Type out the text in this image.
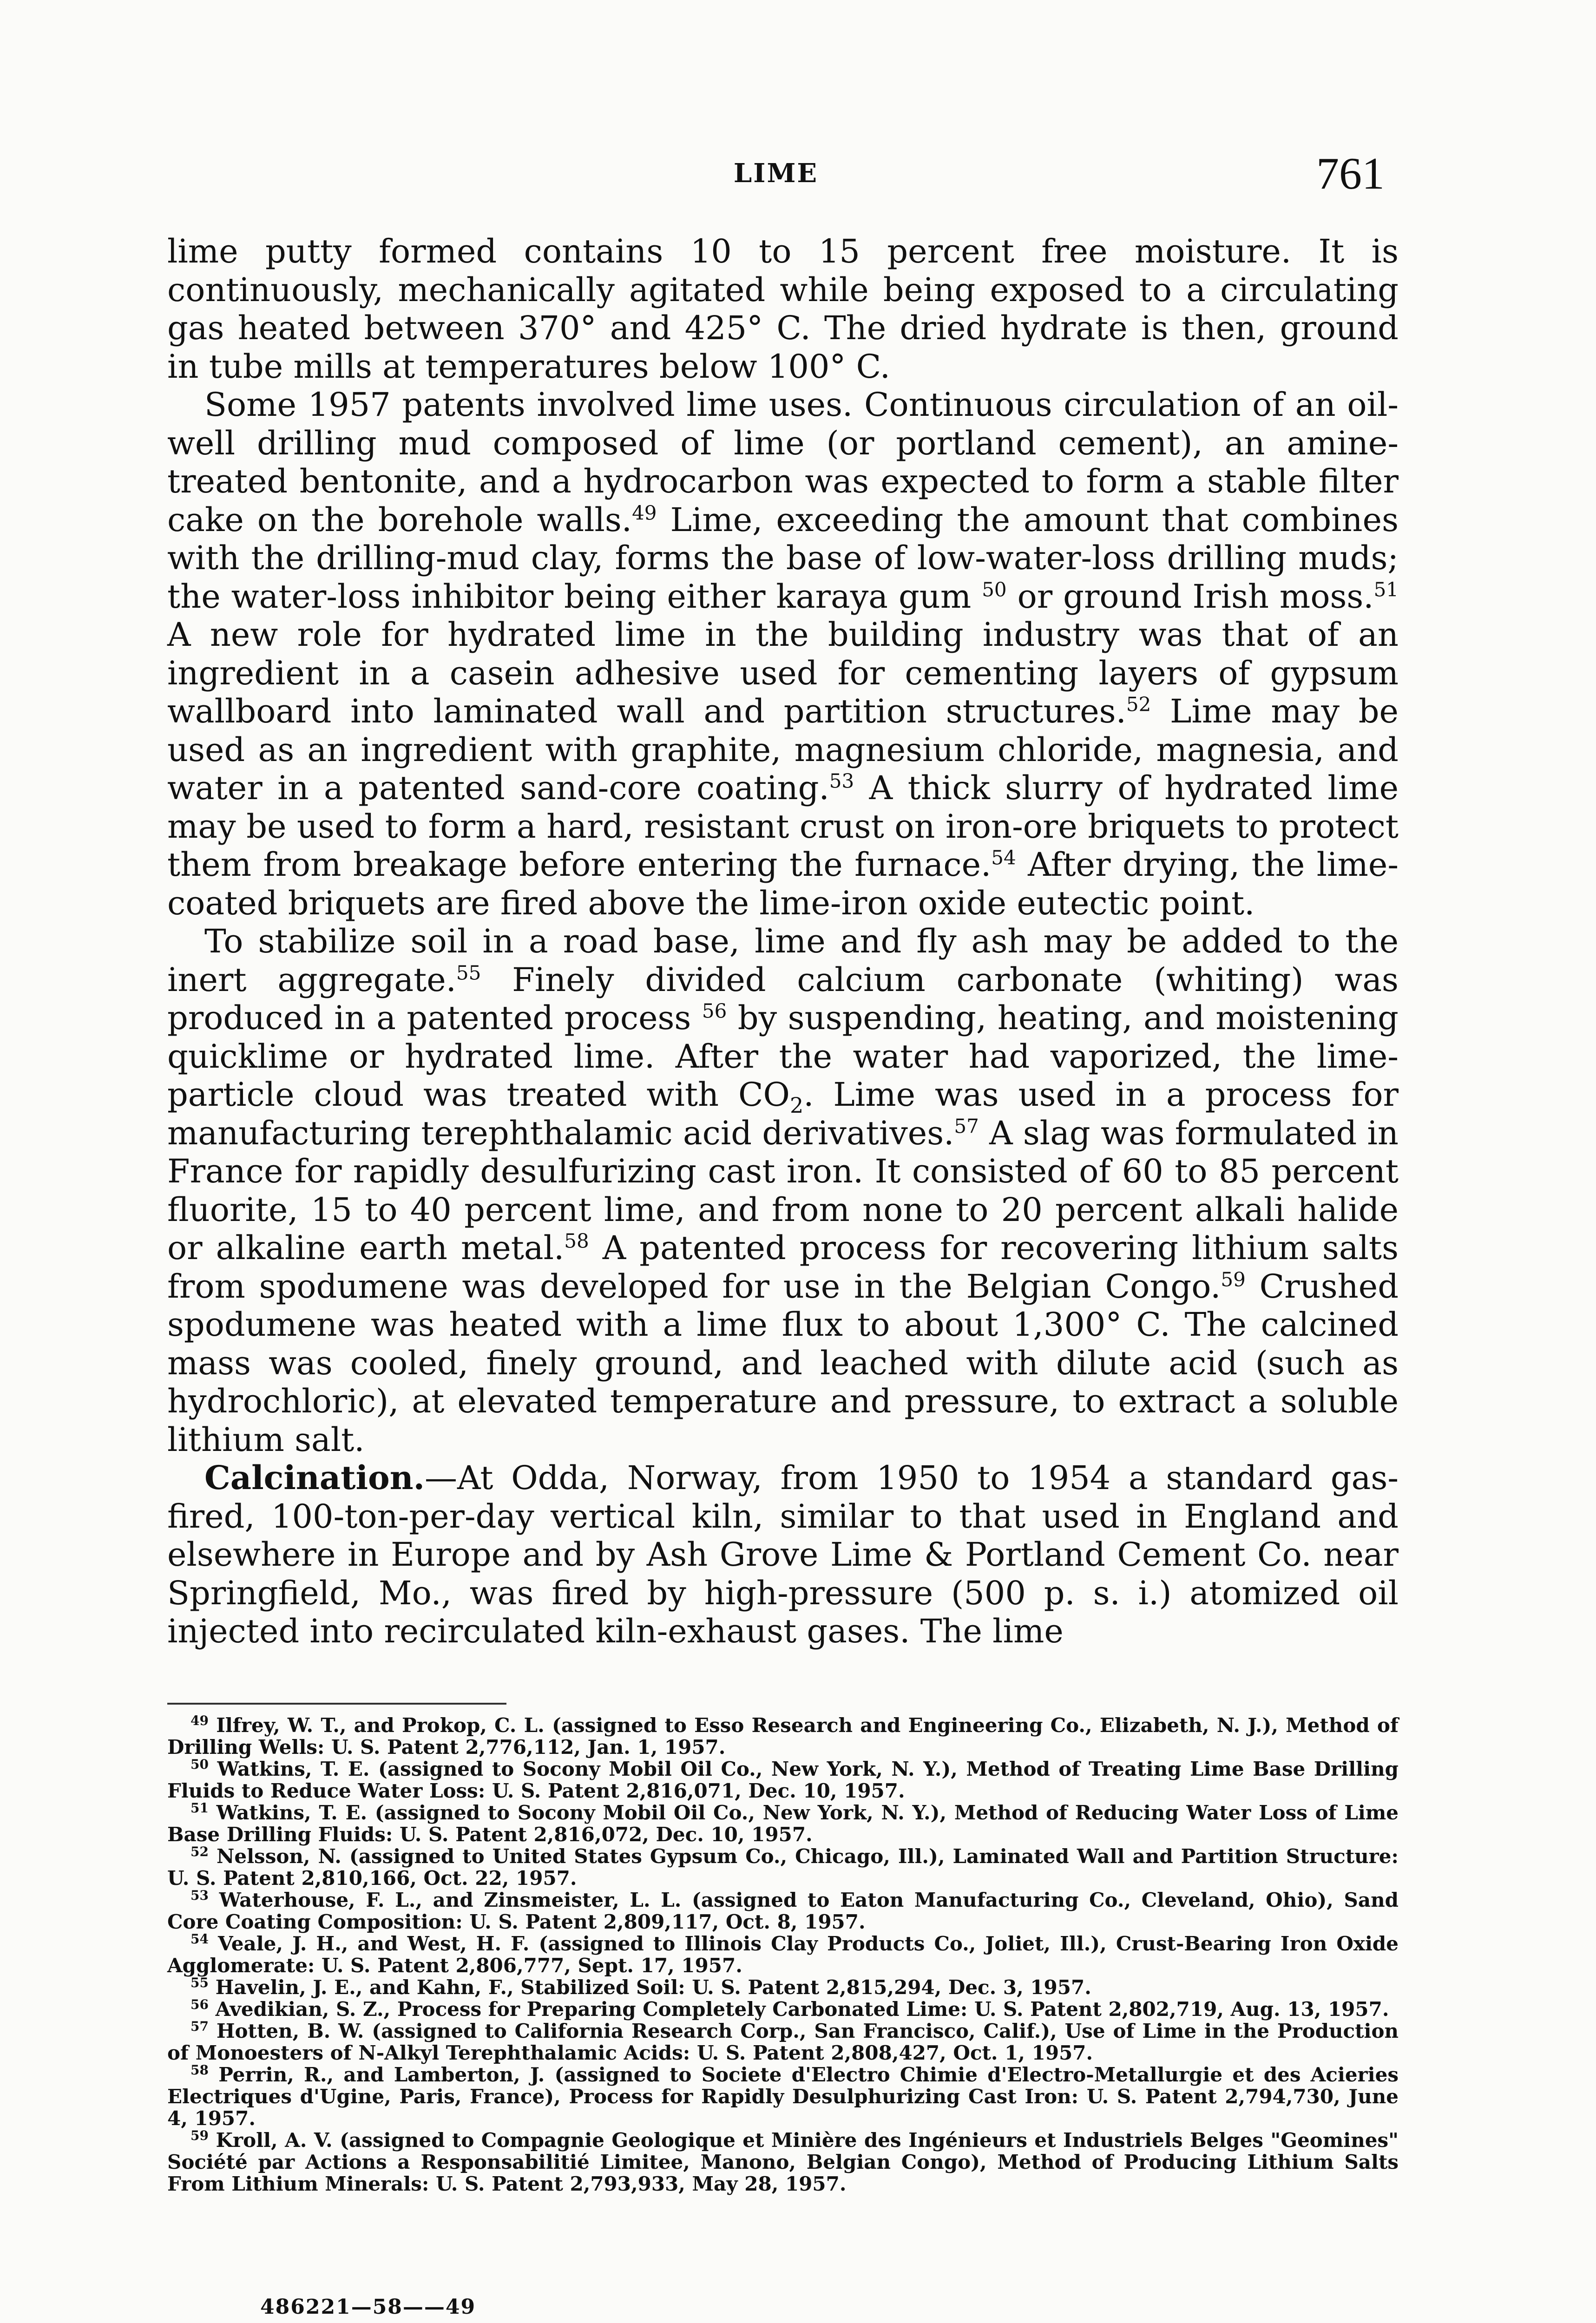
LIME	761

lime putty formed contains 10 to 15 percent free moisture. It is continuously, mechanically agitated while being exposed to a circulating gas heated between 370° and 425° C. The dried hydrate is then, ground in tube mills at temperatures below 100° C.

Some 1957 patents involved lime uses. Continuous circulation of an oil-well drilling mud composed of lime (or portland cement), an amine-treated bentonite, and a hydrocarbon was expected to form a stable filter cake on the borehole walls.$^{49}$ Lime, exceeding the amount that combines with the drilling-mud clay, forms the base of low-water-loss drilling muds; the water-loss inhibitor being either karaya gum $^{50}$ or ground Irish moss.$^{51}$ A new role for hydrated lime in the building industry was that of an ingredient in a casein adhesive used for cementing layers of gypsum wallboard into laminated wall and partition structures.$^{52}$ Lime may be used as an ingredient with graphite, magnesium chloride, magnesia, and water in a patented sand-core coating.$^{53}$ A thick slurry of hydrated lime may be used to form a hard, resistant crust on iron-ore briquets to protect them from breakage before entering the furnace.$^{54}$ After drying, the lime-coated briquets are fired above the lime-iron oxide eutectic point.

To stabilize soil in a road base, lime and fly ash may be added to the inert aggregate.$^{55}$ Finely divided calcium carbonate (whiting) was produced in a patented process $^{56}$ by suspending, heating, and moistening quicklime or hydrated lime. After the water had vaporized, the lime-particle cloud was treated with $CO_2$. Lime was used in a process for manufacturing terephthalamic acid derivatives.$^{57}$ A slag was formulated in France for rapidly desulfurizing cast iron. It consisted of 60 to 85 percent fluorite, 15 to 40 percent lime, and from none to 20 percent alkali halide or alkaline earth metal.$^{58}$ A patented process for recovering lithium salts from spodumene was developed for use in the Belgian Congo.$^{59}$ Crushed spodumene was heated with a lime flux to about 1,300° C. The calcined mass was cooled, finely ground, and leached with dilute acid (such as hydrochloric), at elevated temperature and pressure, to extract a soluble lithium salt.

Calcination.—At Odda, Norway, from 1950 to 1954 a standard gas-fired, 100-ton-per-day vertical kiln, similar to that used in England and elsewhere in Europe and by Ash Grove Lime & Portland Cement Co. near Springfield, Mo., was fired by high-pressure (500 p. s. i.) atomized oil injected into recirculated kiln-exhaust gases. The lime

$^{49}$ Ilfrey, W. T., and Prokop, C. L. (assigned to Esso Research and Engineering Co., Elizabeth, N. J.), Method of Drilling Wells: U. S. Patent 2,776,112, Jan. 1, 1957.

$^{50}$ Watkins, T. E. (assigned to Socony Mobil Oil Co., New York, N. Y.), Method of Treating Lime Base Drilling Fluids to Reduce Water Loss: U. S. Patent 2,816,071, Dec. 10, 1957.

$^{51}$ Watkins, T. E. (assigned to Socony Mobil Oil Co., New York, N. Y.), Method of Reducing Water Loss of Lime Base Drilling Fluids: U. S. Patent 2,816,072, Dec. 10, 1957.

$^{52}$ Nelsson, N. (assigned to United States Gypsum Co., Chicago, Ill.), Laminated Wall and Partition Structure: U. S. Patent 2,810,166, Oct. 22, 1957.

$^{53}$ Waterhouse, F. L., and Zinsmeister, L. L. (assigned to Eaton Manufacturing Co., Cleveland, Ohio), Sand Core Coating Composition: U. S. Patent 2,809,117, Oct. 8, 1957.

$^{54}$ Veale, J. H., and West, H. F. (assigned to Illinois Clay Products Co., Joliet, Ill.), Crust-Bearing Iron Oxide Agglomerate: U. S. Patent 2,806,777, Sept. 17, 1957.

$^{55}$ Havelin, J. E., and Kahn, F., Stabilized Soil: U. S. Patent 2,815,294, Dec. 3, 1957.

$^{56}$ Avedikian, S. Z., Process for Preparing Completely Carbonated Lime: U. S. Patent 2,802,719, Aug. 13, 1957.

$^{57}$ Hotten, B. W. (assigned to California Research Corp., San Francisco, Calif.), Use of Lime in the Production of Monoesters of N-Alkyl Terephthalamic Acids: U. S. Patent 2,808,427, Oct. 1, 1957.

$^{58}$ Perrin, R., and Lamberton, J. (assigned to Societe d'Electro Chimie d'Electro-Metallurgie et des Acieries Electriques d'Ugine, Paris, France), Process for Rapidly Desulphurizing Cast Iron: U. S. Patent 2,794,730, June 4, 1957.

$^{59}$ Kroll, A. V. (assigned to Compagnie Geologique et Minière des Ingénieurs et Industriels Belges "Geomines" Société par Actions a Responsabilitié Limitee, Manono, Belgian Congo), Method of Producing Lithium Salts From Lithium Minerals: U. S. Patent 2,793,933, May 28, 1957.

486221—58——49
